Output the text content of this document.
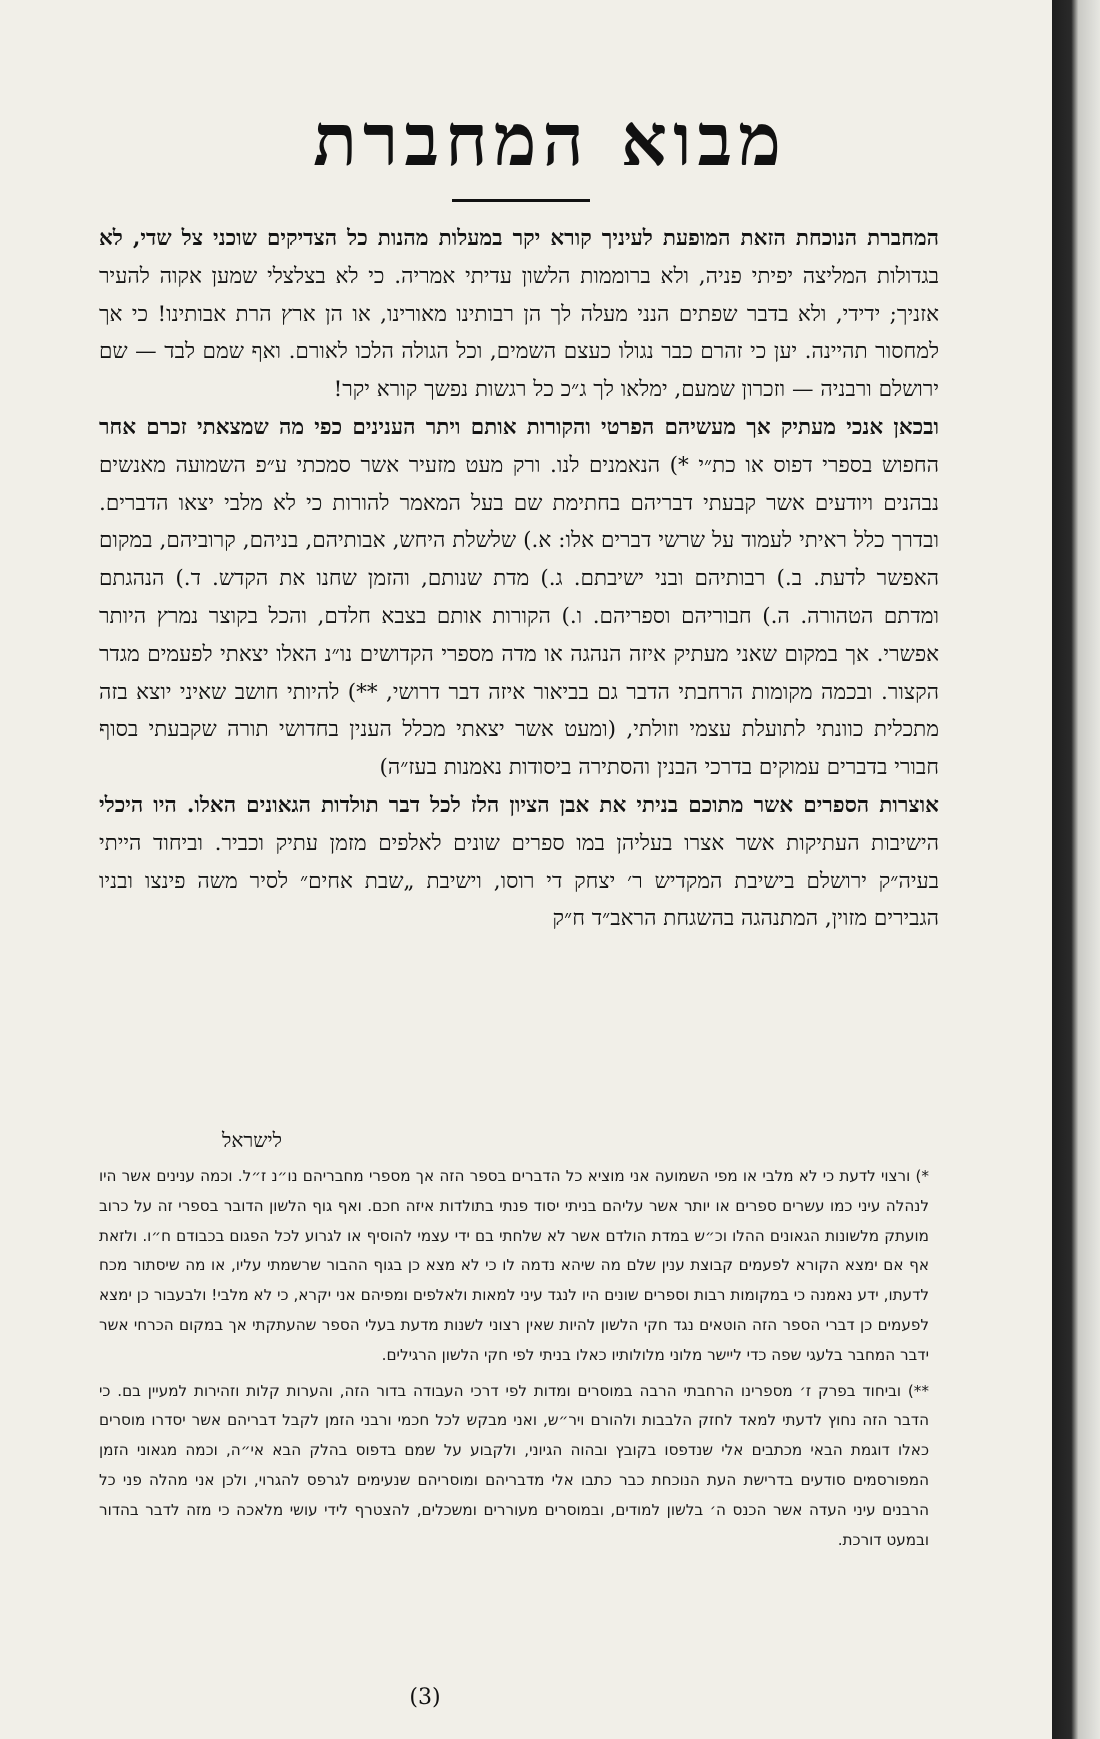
מבוא המחברת

המחברת הנוכחת הזאת המופעת לעיניך קורא יקר במעלות מהנות כל הצדיקים שוכני צל שדי, לא בגדולות המליצה יפיתי פניה, ולא ברוממות הלשון עדיתי אמריה. כי לא בצלצלי שמען אקוה להעיר אזניך; ידידי, ולא בדבר שפתים הנני מעלה לך הן רבותינו מאורינו, או הן ארץ הרת אבותינו! כי אך למחסור תהיינה. יען כי זהרם כבר נגולו כעצם השמים, וכל הגולה הלכו לאורם. ואף שמם לבד — שם ירושלם ורבניה — וזכרון שמעם, ימלאו לך ג״כ כל רגשות נפשך קורא יקר!

ובכאן אנכי מעתיק אך מעשיהם הפרטי והקורות אותם ויתר הענינים כפי מה שמצאתי זכרם אחר החפוש בספרי דפוס או כת״י *) הנאמנים לנו. ורק מעט מזעיר אשר סמכתי ע״פ השמועה מאנשים נבהנים ויודעים אשר קבעתי דבריהם בחתימת שם בעל המאמר להורות כי לא מלבי יצאו הדברים. ובדרך כלל ראיתי לעמוד על שרשי דברים אלו: א.) שלשלת היחש, אבותיהם, בניהם, קרוביהם, במקום האפשר לדעת. ב.) רבותיהם ובני ישיבתם. ג.) מדת שנותם, והזמן שחנו את הקדש. ד.) הנהגתם ומדתם הטהורה. ה.) חבוריהם וספריהם. ו.) הקורות אותם בצבא חלדם, והכל בקוצר נמרץ היותר אפשרי. אך במקום שאני מעתיק איזה הנהגה או מדה מספרי הקדושים נו״נ האלו יצאתי לפעמים מגדר הקצור. ובכמה מקומות הרחבתי הדבר גם בביאור איזה דבר דרושי, **) להיותי חושב שאיני יוצא בזה מתכלית כוונתי לתועלת עצמי וזולתי, (ומעט אשר יצאתי מכלל הענין בחדושי תורה שקבעתי בסוף חבורי בדברים עמוקים בדרכי הבנין והסתירה ביסודות נאמנות בעז״ה)

אוצרות הספרים אשר מתוכם בניתי את אבן הציון הלז לכל דבר תולדות הגאונים האלו. היו היכלי הישיבות העתיקות אשר אצרו בעליהן במו ספרים שונים לאלפים מזמן עתיק וכביר. וביחוד הייתי בעיה״ק ירושלם בישיבת המקדיש ר׳ יצחק די רוסו, וישיבת „שבת אחים״ לסיר משה פינצו ובניו הגבירים מזוין, המתנהגה בהשגחת הראב״ד ח״ק

לישראל

*) ורצוי לדעת כי לא מלבי או מפי השמועה אני מוציא כל הדברים בספר הזה אך מספרי מחבריהם נו״נ ז״ל. וכמה ענינים אשר היו לנהלה עיני כמו עשרים ספרים או יותר אשר עליהם בניתי יסוד פנתי בתולדות איזה חכם. ואף גוף הלשון הדובר בספרי זה על כרוב מועתק מלשונות הגאונים ההלו וכ״ש במדת הולדם אשר לא שלחתי בם ידי עצמי להוסיף או לגרוע לכל הפגום בכבודם ח״ו. ולזאת אף אם ימצא הקורא לפעמים קבוצת ענין שלם מה שיהא נדמה לו כי לא מצא כן בגוף ההבור שרשמתי עליו, או מה שיסתור מכח לדעתו, ידע נאמנה כי במקומות רבות וספרים שונים היו לנגד עיני למאות ולאלפים ומפיהם אני יקרא, כי לא מלבי! ולבעבור כן ימצא לפעמים כן דברי הספר הזה הוטאים נגד חקי הלשון להיות שאין רצוני לשנות מדעת בעלי הספר שהעתקתי אך במקום הכרחי אשר ידבר המחבר בלעגי שפה כדי ליישר מלוני מלולותיו כאלו בניתי לפי חקי הלשון הרגילים.

**) וביחוד בפרק ז׳ מספרינו הרחבתי הרבה במוסרים ומדות לפי דרכי העבודה בדור הזה, והערות קלות וזהירות למעיין בם. כי הדבר הזה נחוץ לדעתי למאד לחזק הלבבות ולהורם ויר״ש, ואני מבקש לכל חכמי ורבני הזמן לקבל דבריהם אשר יסדרו מוסרים כאלו דוגמת הבאי מכתבים אלי שנדפסו בקובץ ובהוה הגיוני, ולקבוע על שמם בדפוס בהלק הבא אי״ה, וכמה מגאוני הזמן המפורסמים סודעים בדרישת העת הנוכחת כבר כתבו אלי מדבריהם ומוסריהם שנעימים לגרפס להגרוי, ולכן אני מהלה פני כל הרבנים עיני העדה אשר הכנס ה׳ בלשון למודים, ובמוסרים מעוררים ומשכלים, להצטרף לידי עושי מלאכה כי מזה לדבר בהדור ובמעט דורכת.

(3)
